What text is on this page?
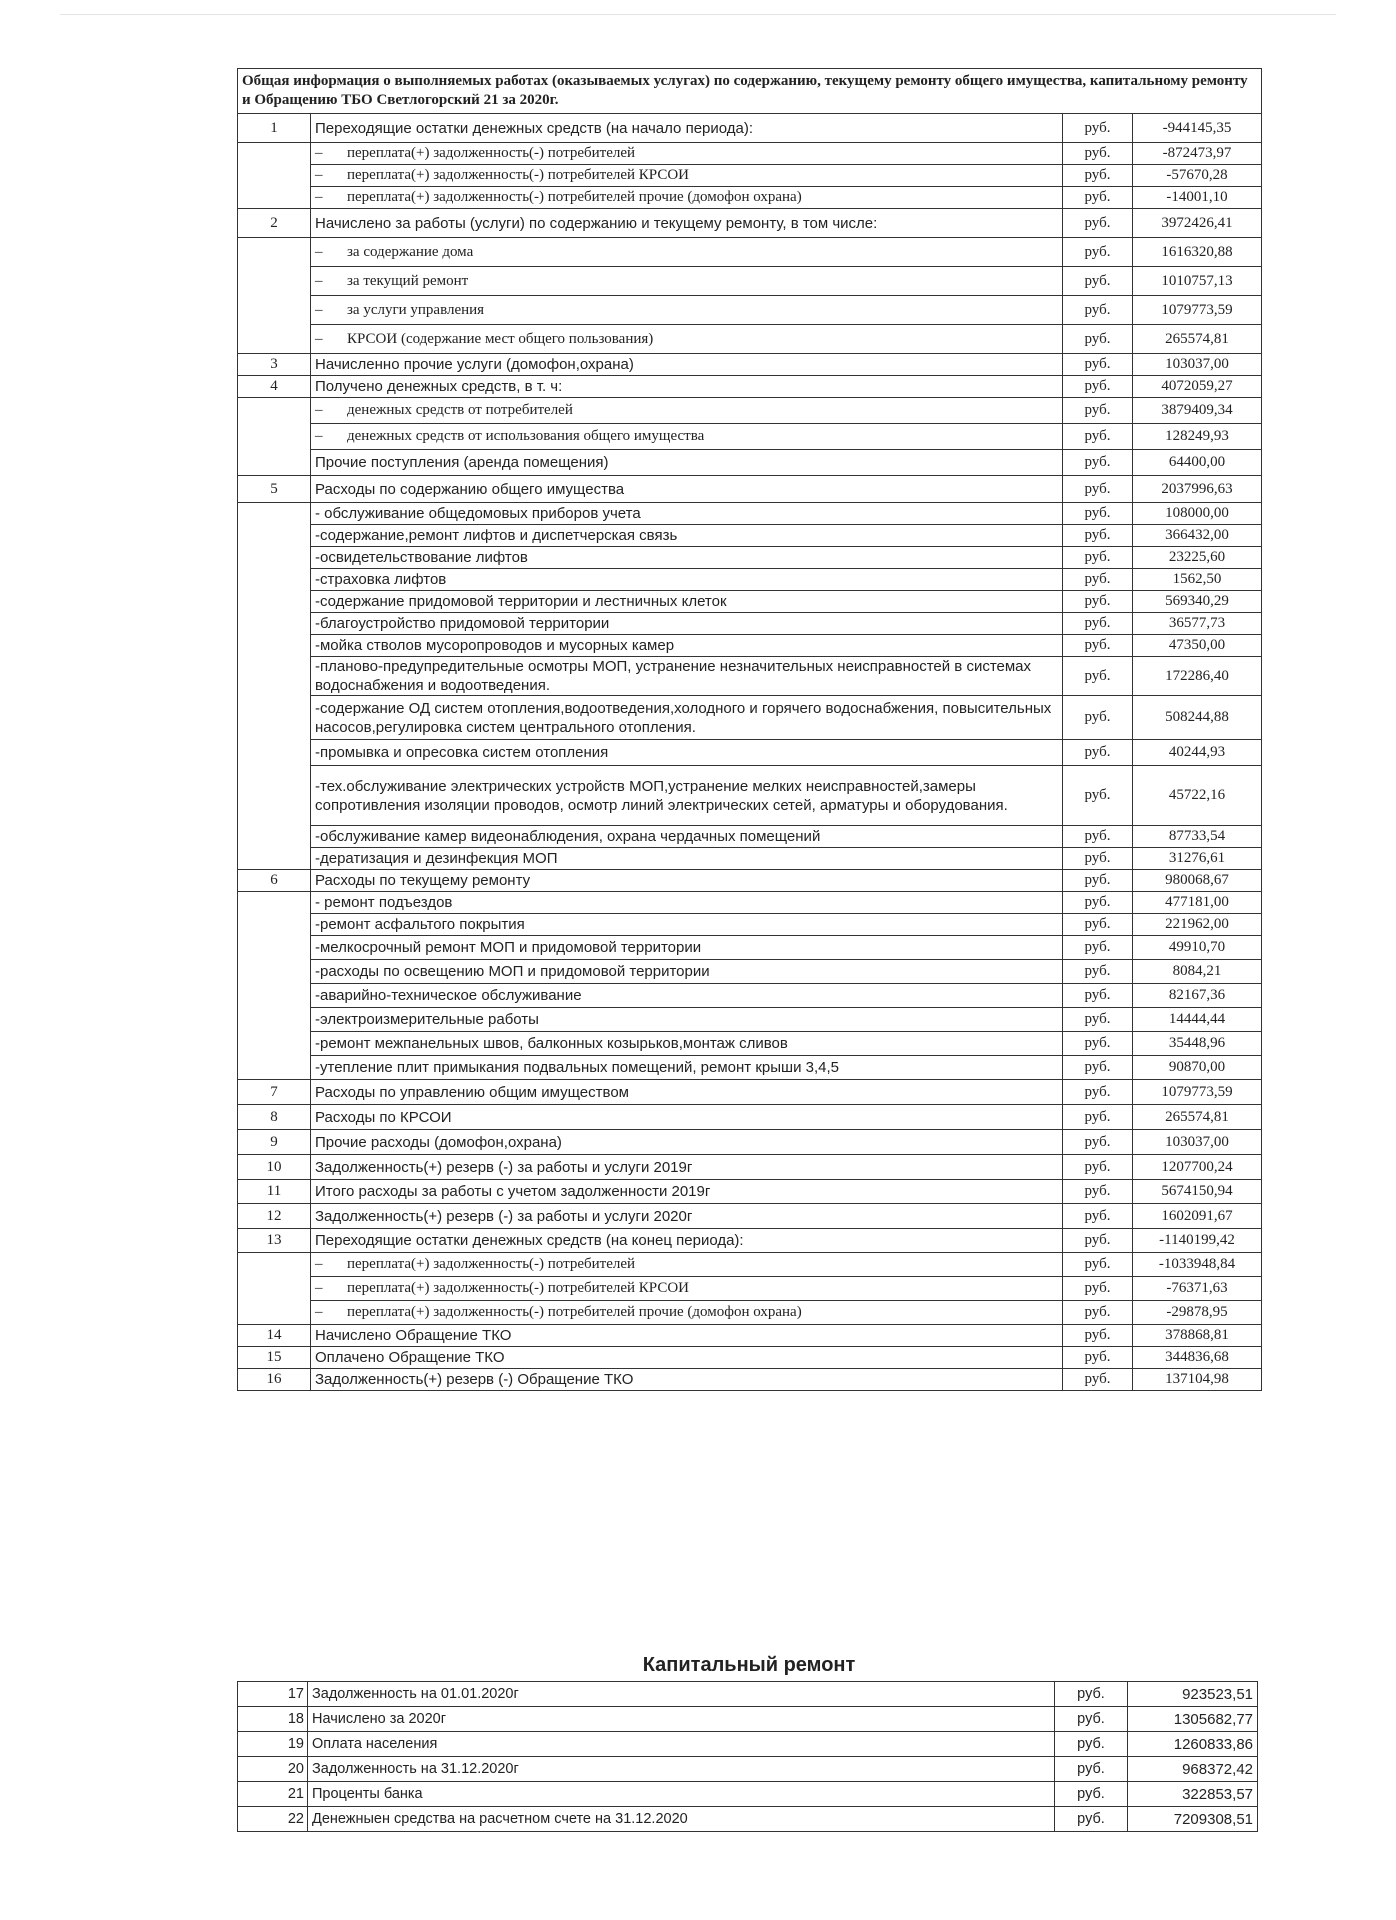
Общая информация о выполняемых работах (оказываемых услугах) по содержанию, текущему ремонту общего имущества, капитальному ремонту и Обращению ТБО Светлогорский 21 за 2020г.			
1	Переходящие остатки денежных средств (на начало периода):	руб.	-944145,35
	– переплата(+) задолженность(-) потребителей	руб.	-872473,97
	– переплата(+) задолженность(-) потребителей КРСОИ	руб.	-57670,28
	– переплата(+) задолженность(-) потребителей прочие (домофон охрана)	руб.	-14001,10
2	Начислено за работы (услуги) по содержанию и текущему ремонту, в том числе:	руб.	3972426,41
	– за содержание дома	руб.	1616320,88
	– за текущий ремонт	руб.	1010757,13
	– за услуги управления	руб.	1079773,59
	– КРСОИ (содержание мест общего пользования)	руб.	265574,81
3	Начисленно прочие услуги (домофон,охрана)	руб.	103037,00
4	Получено денежных средств, в т. ч:	руб.	4072059,27
	– денежных средств от потребителей	руб.	3879409,34
	– денежных средств от использования общего имущества	руб.	128249,93
	Прочие поступления (аренда помещения)	руб.	64400,00
5	Расходы по содержанию общего имущества	руб.	2037996,63
	- обслуживание общедомовых приборов учета	руб.	108000,00
	-содержание,ремонт лифтов и диспетчерская связь	руб.	366432,00
	-освидетельствование лифтов	руб.	23225,60
	-страховка лифтов	руб.	1562,50
	-содержание придомовой территории и лестничных клеток	руб.	569340,29
	-благоустройство придомовой территории	руб.	36577,73
	-мойка стволов мусоропроводов и мусорных камер	руб.	47350,00
	-планово-предупредительные осмотры МОП, устранение незначительных неисправностей в системах водоснабжения и водоотведения.	руб.	172286,40
	-содержание ОД систем отопления,водоотведения,холодного и горячего водоснабжения, повысительных насосов,регулировка систем центрального отопления.	руб.	508244,88
	-промывка и опресовка систем отопления	руб.	40244,93
	-тех.обслуживание электрических устройств МОП,устранение мелких неисправностей,замеры сопротивления изоляции проводов, осмотр линий электрических сетей, арматуры и оборудования.	руб.	45722,16
	-обслуживание камер видеонаблюдения, охрана чердачных помещений	руб.	87733,54
	-дератизация и дезинфекция МОП	руб.	31276,61
6	Расходы по текущему ремонту	руб.	980068,67
	- ремонт подъездов	руб.	477181,00
	-ремонт асфальтого покрытия	руб.	221962,00
	-мелкосрочный ремонт МОП и придомовой территории	руб.	49910,70
	-расходы по освещению МОП и придомовой территории	руб.	8084,21
	-аварийно-техническое обслуживание	руб.	82167,36
	-электроизмерительные работы	руб.	14444,44
	-ремонт межпанельных швов, балконных козырьков,монтаж сливов	руб.	35448,96
	-утепление плит примыкания подвальных помещений, ремонт крыши 3,4,5	руб.	90870,00
7	Расходы по управлению общим имуществом	руб.	1079773,59
8	Расходы по КРСОИ	руб.	265574,81
9	Прочие расходы (домофон,охрана)	руб.	103037,00
10	Задолженность(+) резерв (-) за работы и услуги 2019г	руб.	1207700,24
11	Итого расходы за работы с учетом задолженности 2019г	руб.	5674150,94
12	Задолженность(+) резерв (-) за работы и услуги 2020г	руб.	1602091,67
13	Переходящие остатки денежных средств (на конец периода):	руб.	-1140199,42
	– переплата(+) задолженность(-) потребителей	руб.	-1033948,84
	– переплата(+) задолженность(-) потребителей КРСОИ	руб.	-76371,63
	– переплата(+) задолженность(-) потребителей прочие (домофон охрана)	руб.	-29878,95
14	Начислено Обращение ТКО	руб.	378868,81
15	Оплачено Обращение ТКО	руб.	344836,68
16	Задолженность(+) резерв (-) Обращение ТКО	руб.	137104,98
Капитальный ремонт
17	Задолженность на 01.01.2020г	руб.	923523,51
18	Начислено за 2020г	руб.	1305682,77
19	Оплата населения	руб.	1260833,86
20	Задолженность на 31.12.2020г	руб.	968372,42
21	Проценты банка	руб.	322853,57
22	Денежныен средства на расчетном счете на 31.12.2020	руб.	7209308,51
